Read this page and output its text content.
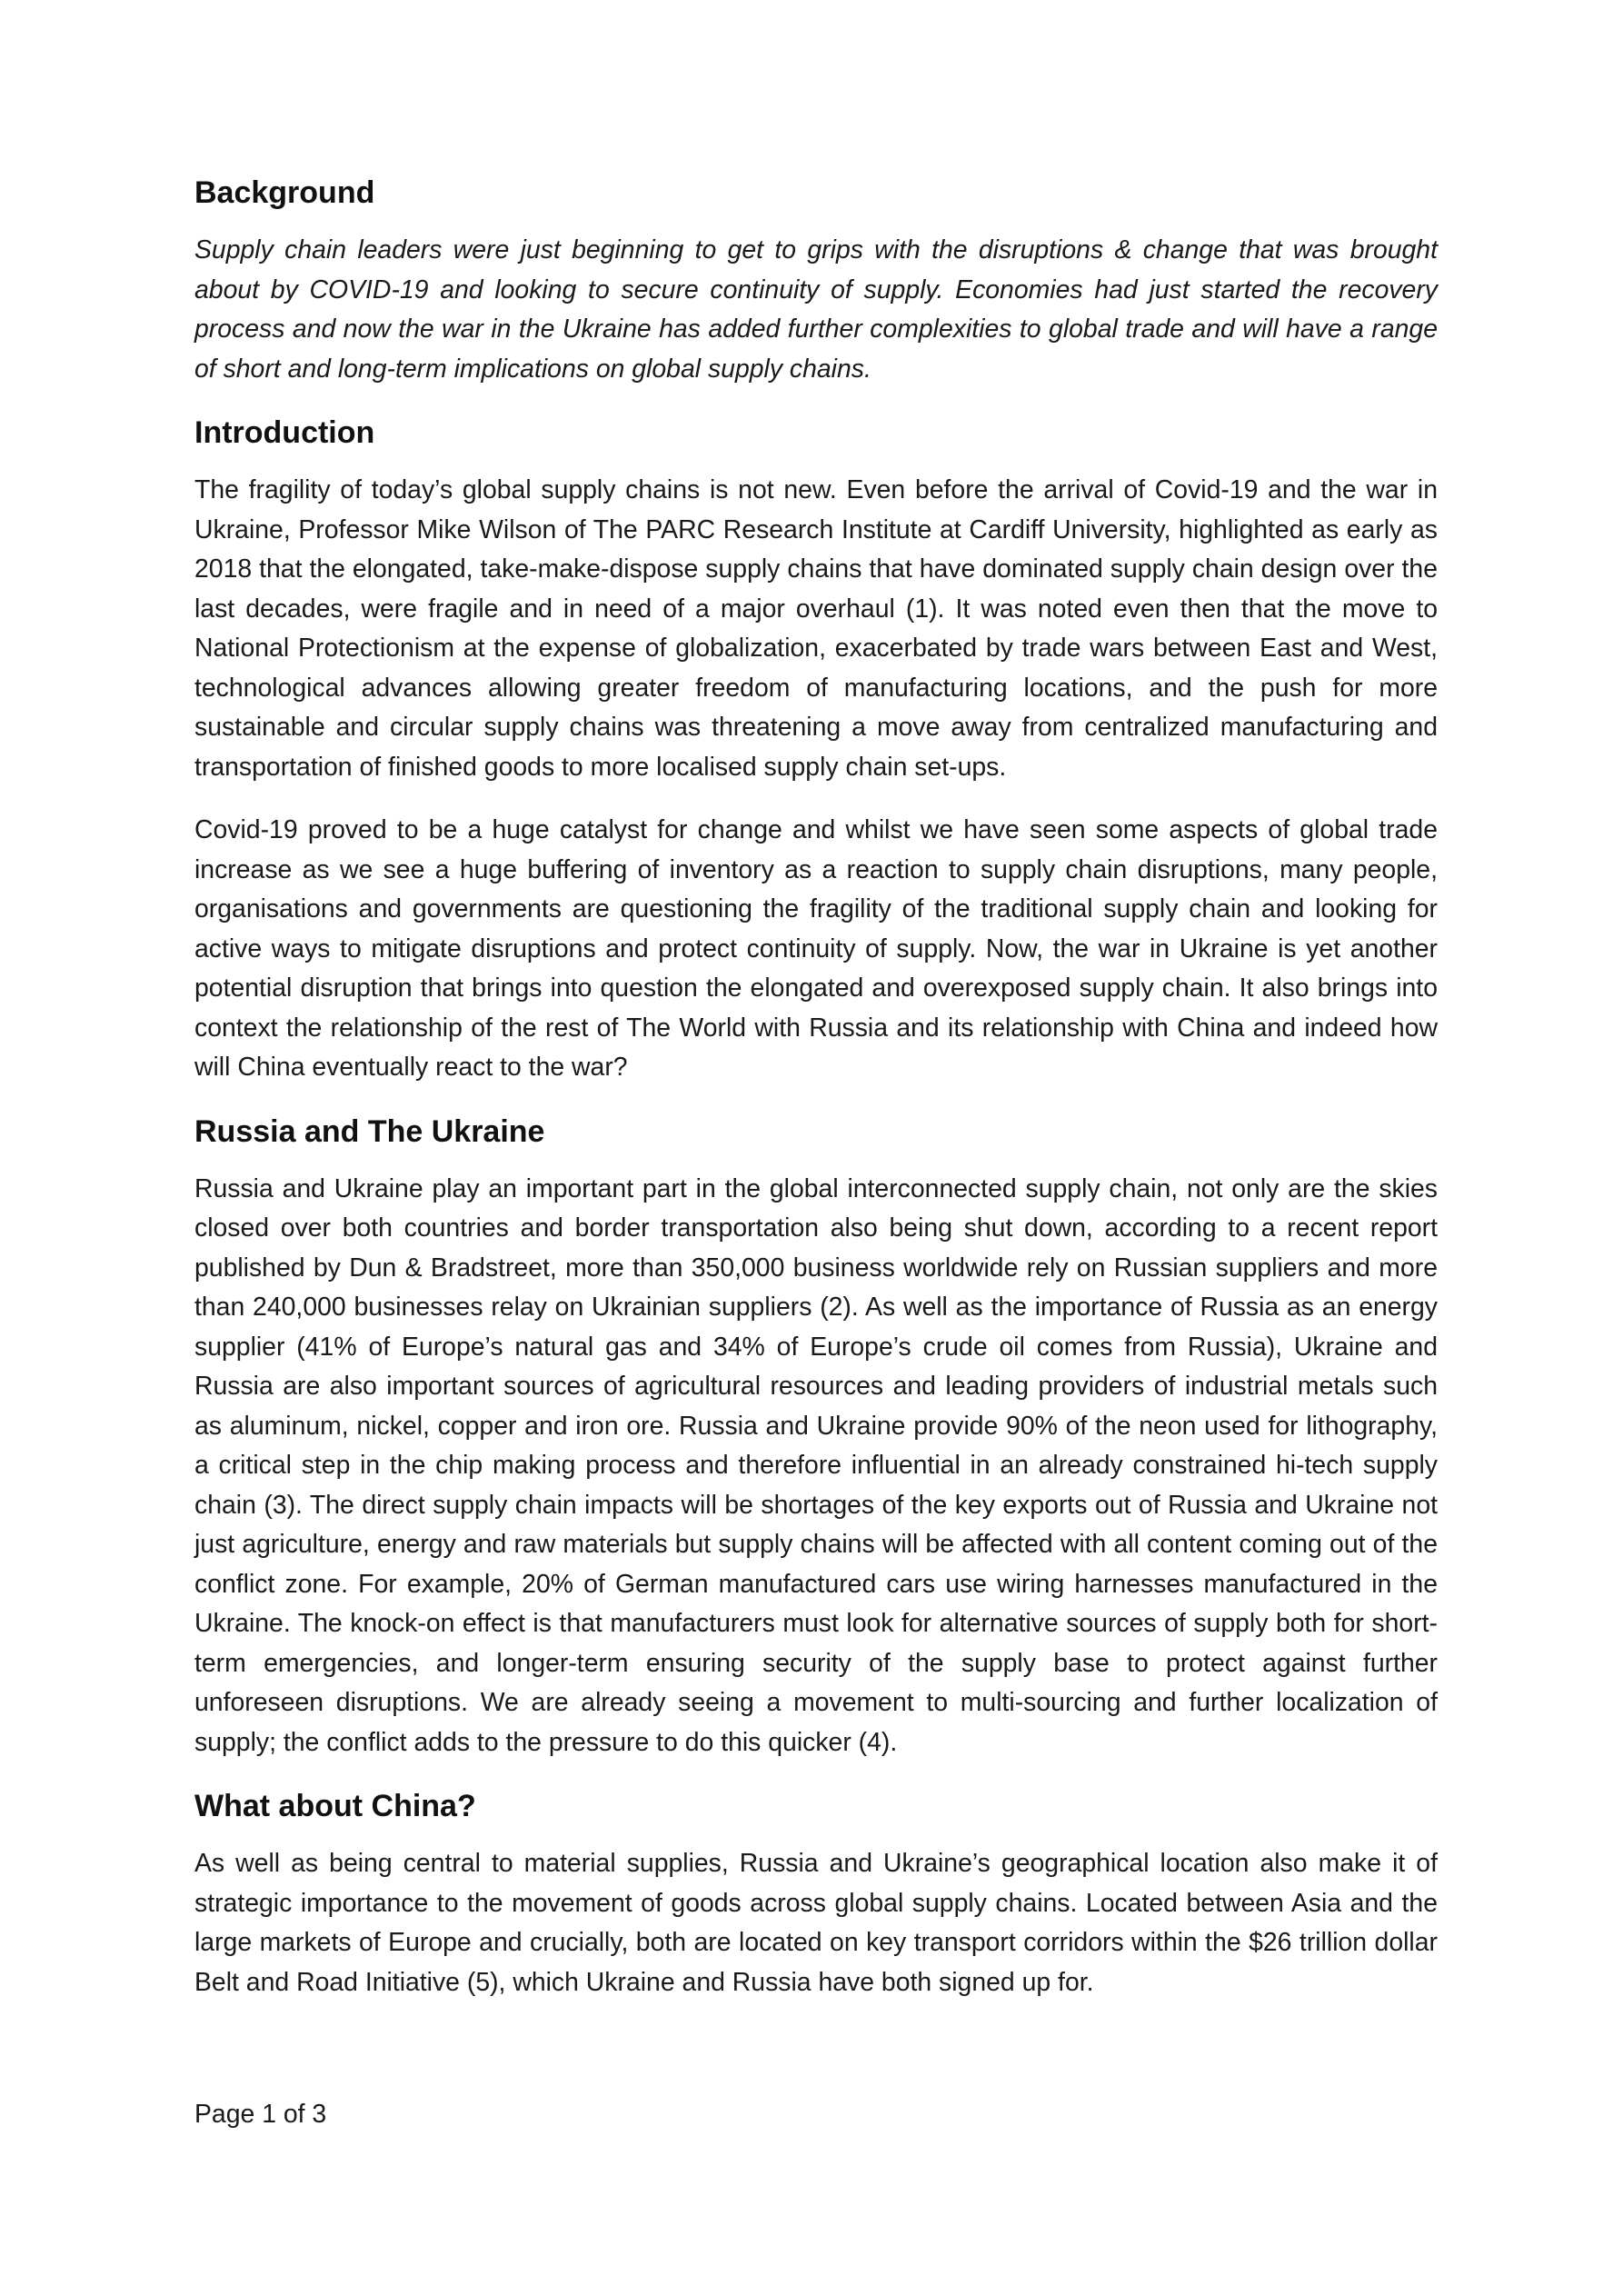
Background

Supply chain leaders were just beginning to get to grips with the disruptions & change that was brought about by COVID-19 and looking to secure continuity of supply. Economies had just started the recovery process and now the war in the Ukraine has added further complexities to global trade and will have a range of short and long-term implications on global supply chains.

Introduction

The fragility of today’s global supply chains is not new. Even before the arrival of Covid-19 and the war in Ukraine, Professor Mike Wilson of The PARC Research Institute at Cardiff University, highlighted as early as 2018 that the elongated, take-make-dispose supply chains that have dominated supply chain design over the last decades, were fragile and in need of a major overhaul (1). It was noted even then that the move to National Protectionism at the expense of globalization, exacerbated by trade wars between East and West, technological advances allowing greater freedom of manufacturing locations, and the push for more sustainable and circular supply chains was threatening a move away from centralized manufacturing and transportation of finished goods to more localised supply chain set-ups.

Covid-19 proved to be a huge catalyst for change and whilst we have seen some aspects of global trade increase as we see a huge buffering of inventory as a reaction to supply chain disruptions, many people, organisations and governments are questioning the fragility of the traditional supply chain and looking for active ways to mitigate disruptions and protect continuity of supply. Now, the war in Ukraine is yet another potential disruption that brings into question the elongated and overexposed supply chain. It also brings into context the relationship of the rest of The World with Russia and its relationship with China and indeed how will China eventually react to the war?

Russia and The Ukraine

Russia and Ukraine play an important part in the global interconnected supply chain, not only are the skies closed over both countries and border transportation also being shut down, according to a recent report published by Dun & Bradstreet, more than 350,000 business worldwide rely on Russian suppliers and more than 240,000 businesses relay on Ukrainian suppliers (2). As well as the importance of Russia as an energy supplier (41% of Europe’s natural gas and 34% of Europe’s crude oil comes from Russia), Ukraine and Russia are also important sources of agricultural resources and leading providers of industrial metals such as aluminum, nickel, copper and iron ore. Russia and Ukraine provide 90% of the neon used for lithography, a critical step in the chip making process and therefore influential in an already constrained hi-tech supply chain (3). The direct supply chain impacts will be shortages of the key exports out of Russia and Ukraine not just agriculture, energy and raw materials but supply chains will be affected with all content coming out of the conflict zone. For example, 20% of German manufactured cars use wiring harnesses manufactured in the Ukraine. The knock-on effect is that manufacturers must look for alternative sources of supply both for short-term emergencies, and longer-term ensuring security of the supply base to protect against further unforeseen disruptions. We are already seeing a movement to multi-sourcing and further localization of supply; the conflict adds to the pressure to do this quicker (4).

What about China?

As well as being central to material supplies, Russia and Ukraine’s geographical location also make it of strategic importance to the movement of goods across global supply chains. Located between Asia and the large markets of Europe and crucially, both are located on key transport corridors within the $26 trillion dollar Belt and Road Initiative (5), which Ukraine and Russia have both signed up for.

Page 1 of 3
